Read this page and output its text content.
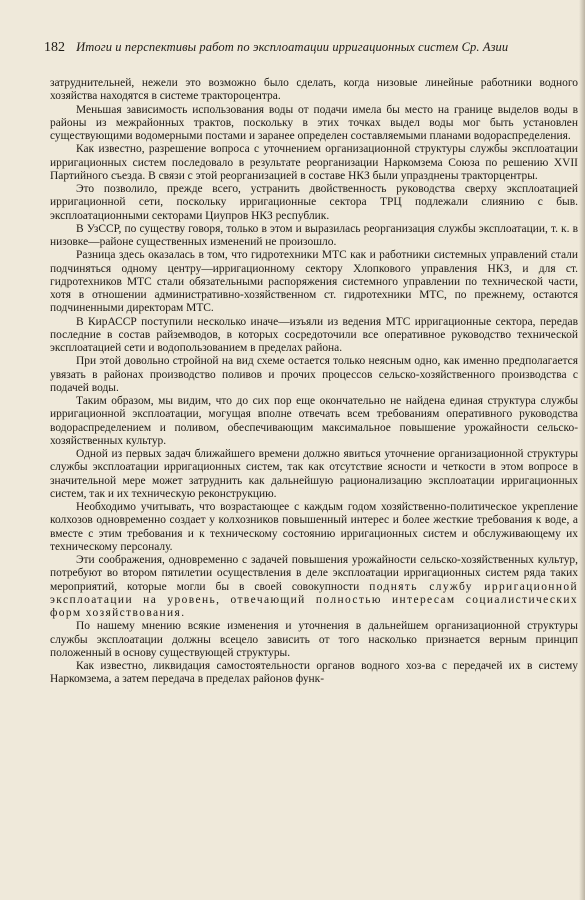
182 Итоги и перспективы работ по эксплоатации ирригационных систем Ср. Азии

затруднительней, нежели это возможно было сделать, когда низовые линейные работники водного хозяйства находятся в системе трактороцентра.

Меньшая зависимость использования воды от подачи имела бы место на границе выделов воды в районы из межрайонных трактов, поскольку в этих точках выдел воды мог быть установлен существующими водомерными постами и заранее определен составляемыми планами водораспределения.

Как известно, разрешение вопроса с уточнением организационной структуры службы эксплоатации ирригационных систем последовало в результате реорганизации Наркомзема Союза по решению XVII Партийного съезда. В связи с этой реорганизацией в составе НКЗ были упразднены тракторцентры.

Это позволило, прежде всего, устранить двойственность руководства сверху эксплоатацией ирригационной сети, поскольку ирригационные сектора ТРЦ подлежали слиянию с быв. эксплоатационными секторами Циупров НКЗ республик.

В УзССР, по существу говоря, только в этом и выразилась реорганизация службы эксплоатации, т. к. в низовке—районе существенных изменений не произошло.

Разница здесь оказалась в том, что гидротехники МТС как и работники системных управлений стали подчиняться одному центру—ирригационному сектору Хлопкового управления НКЗ, и для ст. гидротехников МТС стали обязательными распоряжения системного управлении по технической части, хотя в отношении административно-хозяйственном ст. гидротехники МТС, по прежнему, остаются подчиненными директорам МТС.

В КирАССР поступили несколько иначе—изъяли из ведения МТС ирригационные сектора, передав последние в состав райземводов, в которых сосредоточили все оперативное руководство технической эксплоатацией сети и водопользованием в пределах района.

При этой довольно стройной на вид схеме остается только неясным одно, как именно предполагается увязать в районах производство поливов и прочих процессов сельско-хозяйственного производства с подачей воды.

Таким образом, мы видим, что до сих пор еще окончательно не найдена единая структура службы ирригационной эксплоатации, могущая вполне отвечать всем требованиям оперативного руководства водораспределением и поливом, обеспечивающим максимальное повышение урожайности сельско-хозяйственных культур.

Одной из первых задач ближайшего времени должно явиться уточнение организационной структуры службы эксплоатации ирригационных систем, так как отсутствие ясности и четкости в этом вопросе в значительной мере может затруднить как дальнейшую рационализацию эксплоатации ирригационных систем, так и их техническую реконструкцию.

Необходимо учитывать, что возрастающее с каждым годом хозяйственно-политическое укрепление колхозов одновременно создает у колхозников повышенный интерес и более жесткие требования к воде, а вместе с этим требования и к техническому состоянию ирригационных систем и обслуживающему их техническому персоналу.

Эти соображения, одновременно с задачей повышения урожайности сельско-хозяйственных культур, потребуют во втором пятилетии осуществления в деле эксплоатации ирригационных систем ряда таких мероприятий, которые могли бы в своей совокупности поднять службу ирригационной эксплоатации на уровень, отвечающий полностью интересам социалистических форм хозяйствования.

По нашему мнению всякие изменения и уточнения в дальнейшем организационной структуры службы эксплоатации должны всецело зависить от того насколько признается верным принцип положенный в основу существующей структуры.

Как известно, ликвидация самостоятельности органов водного хоз-ва с передачей их в систему Наркомзема, а затем передача в пределах районов функ-
